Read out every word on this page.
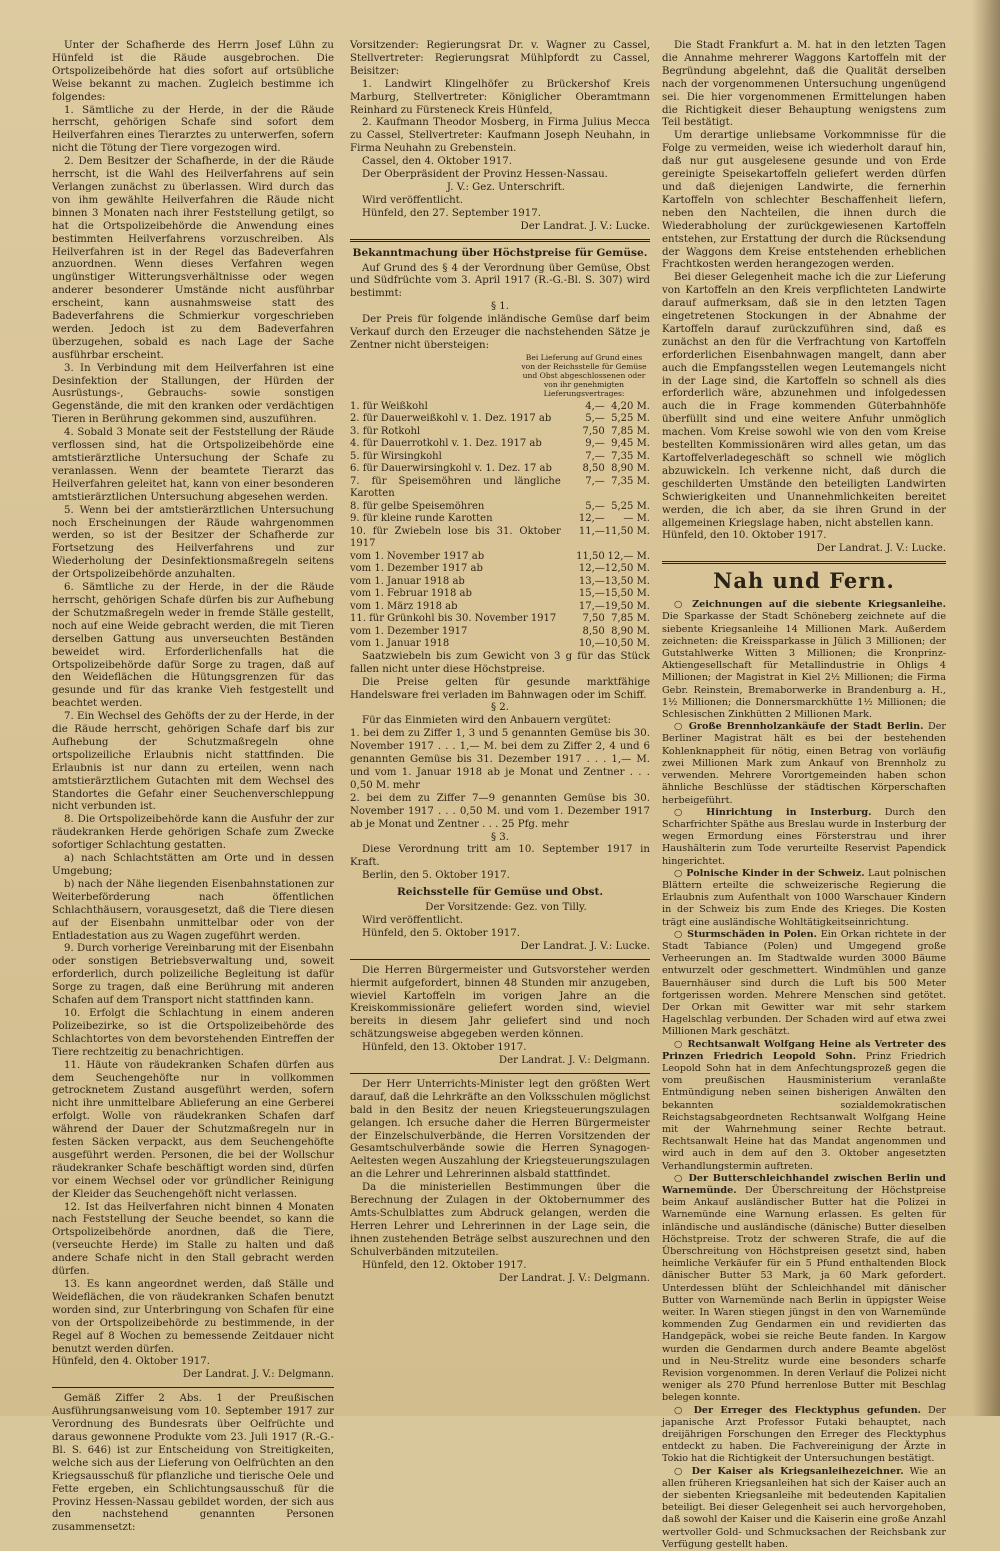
Unter der Schafherde des Herrn Josef Lühn zu Hünfeld ist die Räude ausgebrochen. Die Ortspolizeibehörde hat dies sofort auf ortsübliche Weise bekannt zu machen. Zugleich bestimme ich folgendes:

1. Sämtliche zu der Herde, in der die Räude herrscht, gehörigen Schafe sind sofort dem Heilverfahren eines Tierarztes zu unterwerfen, sofern nicht die Tötung der Tiere vorgezogen wird.

2. Dem Besitzer der Schafherde, in der die Räude herrscht, ist die Wahl des Heilverfahrens auf sein Verlangen zunächst zu überlassen. Wird durch das von ihm gewählte Heilverfahren die Räude nicht binnen 3 Monaten nach ihrer Feststellung getilgt, so hat die Ortspolizeibehörde die Anwendung eines bestimmten Heilverfahrens vorzuschreiben. Als Heilverfahren ist in der Regel das Badeverfahren anzuordnen. Wenn dieses Verfahren wegen ungünstiger Witterungsverhältnisse oder wegen anderer besonderer Umstände nicht ausführbar erscheint, kann ausnahmsweise statt des Badeverfahrens die Schmierkur vorgeschrieben werden. Jedoch ist zu dem Badeverfahren überzugehen, sobald es nach Lage der Sache ausführbar erscheint.

3. In Verbindung mit dem Heilverfahren ist eine Desinfektion der Stallungen, der Hürden der Ausrüstungs-, Gebrauchs- sowie sonstigen Gegenstände, die mit den kranken oder verdächtigen Tieren in Berührung gekommen sind, auszuführen.

4. Sobald 3 Monate seit der Feststellung der Räude verflossen sind, hat die Ortspolizeibehörde eine amtstierärztliche Untersuchung der Schafe zu veranlassen. Wenn der beamtete Tierarzt das Heilverfahren geleitet hat, kann von einer besonderen amtstierärztlichen Untersuchung abgesehen werden.

5. Wenn bei der amtstierärztlichen Untersuchung noch Erscheinungen der Räude wahrgenommen werden, so ist der Besitzer der Schafherde zur Fortsetzung des Heilverfahrens und zur Wiederholung der Desinfektionsmaßregeln seitens der Ortspolizeibehörde anzuhalten.

6. Sämtliche zu der Herde, in der die Räude herrscht, gehörigen Schafe dürfen bis zur Aufhebung der Schutzmaßregeln weder in fremde Ställe gestellt, noch auf eine Weide gebracht werden, die mit Tieren derselben Gattung aus unverseuchten Beständen beweidet wird. Erforderlichenfalls hat die Ortspolizeibehörde dafür Sorge zu tragen, daß auf den Weideflächen die Hütungsgrenzen für das gesunde und für das kranke Vieh festgestellt und beachtet werden.

7. Ein Wechsel des Gehöfts der zu der Herde, in der die Räude herrscht, gehörigen Schafe darf bis zur Aufhebung der Schutzmaßregeln ohne ortspolizeiliche Erlaubnis nicht stattfinden. Die Erlaubnis ist nur dann zu erteilen, wenn nach amtstierärztlichem Gutachten mit dem Wechsel des Standortes die Gefahr einer Seuchenverschleppung nicht verbunden ist.

8. Die Ortspolizeibehörde kann die Ausfuhr der zur räudekranken Herde gehörigen Schafe zum Zwecke sofortiger Schlachtung gestatten.

a) nach Schlachtstätten am Orte und in dessen Umgebung;

b) nach der Nähe liegenden Eisenbahnstationen zur Weiterbeförderung nach öffentlichen Schlachthäusern, vorausgesetzt, daß die Tiere diesen auf der Eisenbahn unmittelbar oder von der Entladestation aus zu Wagen zugeführt werden.

9. Durch vorherige Vereinbarung mit der Eisenbahn oder sonstigen Betriebsverwaltung und, soweit erforderlich, durch polizeiliche Begleitung ist dafür Sorge zu tragen, daß eine Berührung mit anderen Schafen auf dem Transport nicht stattfinden kann.

10. Erfolgt die Schlachtung in einem anderen Polizeibezirke, so ist die Ortspolizeibehörde des Schlachtortes von dem bevorstehenden Eintreffen der Tiere rechtzeitig zu benachrichtigen.

11. Häute von räudekranken Schafen dürfen aus dem Seuchengehöfte nur in vollkommen getrocknetem Zustand ausgeführt werden, sofern nicht ihre unmittelbare Ablieferung an eine Gerberei erfolgt. Wolle von räudekranken Schafen darf während der Dauer der Schutzmaßregeln nur in festen Säcken verpackt, aus dem Seuchengehöfte ausgeführt werden. Personen, die bei der Wollschur räudekranker Schafe beschäftigt worden sind, dürfen vor einem Wechsel oder vor gründlicher Reinigung der Kleider das Seuchengehöft nicht verlassen.

12. Ist das Heilverfahren nicht binnen 4 Monaten nach Feststellung der Seuche beendet, so kann die Ortspolizeibehörde anordnen, daß die Tiere, (verseuchte Herde) im Stalle zu halten und daß andere Schafe nicht in den Stall gebracht werden dürfen.

13. Es kann angeordnet werden, daß Ställe und Weideflächen, die von räudekranken Schafen benutzt worden sind, zur Unterbringung von Schafen für eine von der Ortspolizeibehörde zu bestimmende, in der Regel auf 8 Wochen zu bemessende Zeitdauer nicht benutzt werden dürfen.

Hünfeld, den 4. Oktober 1917.

Der Landrat. J. V.: Delgmann.

Gemäß Ziffer 2 Abs. 1 der Preußischen Ausführungsanweisung vom 10. September 1917 zur Verordnung des Bundesrats über Oelfrüchte und daraus gewonnene Produkte vom 23. Juli 1917 (R.-G.-Bl. S. 646) ist zur Entscheidung von Streitigkeiten, welche sich aus der Lieferung von Oelfrüchten an den Kriegsausschuß für pflanzliche und tierische Oele und Fette ergeben, ein Schlichtungsausschuß für die Provinz Hessen-Nassau gebildet worden, der sich aus den nachstehend genannten Personen zusammensetzt:

Vorsitzender: Regierungsrat Dr. v. Wagner zu Cassel, Stellvertreter: Regierungsrat Mühlpfordt zu Cassel, Beisitzer:

1. Landwirt Klingelhöfer zu Brückershof Kreis Marburg, Stellvertreter: Königlicher Oberamtmann Reinhard zu Fürsteneck Kreis Hünfeld,

2. Kaufmann Theodor Mosberg, in Firma Julius Mecca zu Cassel, Stellvertreter: Kaufmann Joseph Neuhahn, in Firma Neuhahn zu Grebenstein.

Cassel, den 4. Oktober 1917.

Der Oberpräsident der Provinz Hessen-Nassau.

J. V.: Gez. Unterschrift.

Wird veröffentlicht.

Hünfeld, den 27. September 1917.

Der Landrat. J. V.: Lucke.

Bekanntmachung über Höchstpreise für Gemüse.

Auf Grund des § 4 der Verordnung über Gemüse, Obst und Südfrüchte vom 3. April 1917 (R.-G.-Bl. S. 307) wird bestimmt:

§ 1.

Der Preis für folgende inländische Gemüse darf beim Verkauf durch den Erzeuger die nachstehenden Sätze je Zentner nicht übersteigen:

Bei Lieferung auf Grund eines von der Reichsstelle für Gemüse und Obst abgeschlossenen oder von ihr genehmigten Lieferungsvertrages:
1. für Weißkohl	4,—	4,20 M.
2. für Dauerweißkohl v. 1. Dez. 1917 ab	5,—	5,25 M.
3. für Rotkohl	7,50	7,85 M.
4. für Dauerrotkohl v. 1. Dez. 1917 ab	9,—	9,45 M.
5. für Wirsingkohl	7,—	7,35 M.
6. für Dauerwirsingkohl v. 1. Dez. 17 ab	8,50	8,90 M.
7. für Speisemöhren und längliche Karotten	7,—	7,35 M.
8. für gelbe Speisemöhren	5,—	5,25 M.
9. für kleine runde Karotten	12,—	— M.
10. für Zwiebeln lose bis 31. Oktober 1917	11,—	11,50 M.
vom 1. November 1917 ab	11,50	12,— M.
vom 1. Dezember 1917 ab	12,—	12,50 M.
vom 1. Januar 1918 ab	13,—	13,50 M.
vom 1. Februar 1918 ab	15,—	15,50 M.
vom 1. März 1918 ab	17,—	19,50 M.
11. für Grünkohl bis 30. November 1917	7,50	7,85 M.
vom 1. Dezember 1917	8,50	8,90 M.
vom 1. Januar 1918	10,—	10,50 M.

Saatzwiebeln bis zum Gewicht von 3 g für das Stück fallen nicht unter diese Höchstpreise.

Die Preise gelten für gesunde marktfähige Handelsware frei verladen im Bahnwagen oder im Schiff.

§ 2.

Für das Einmieten wird den Anbauern vergütet:

1. bei dem zu Ziffer 1, 3 und 5 genannten Gemüse bis 30. November 1917 . . . 1,— M. bei dem zu Ziffer 2, 4 und 6 genannten Gemüse bis 31. Dezember 1917 . . . 1,— M. und vom 1. Januar 1918 ab je Monat und Zentner . . . 0,50 M. mehr

2. bei dem zu Ziffer 7—9 genannten Gemüse bis 30. November 1917 . . . 0,50 M. und vom 1. Dezember 1917 ab je Monat und Zentner . . . 25 Pfg. mehr

§ 3.

Diese Verordnung tritt am 10. September 1917 in Kraft.

Berlin, den 5. Oktober 1917.

Reichsstelle für Gemüse und Obst.

Der Vorsitzende: Gez. von Tilly.

Wird veröffentlicht.

Hünfeld, den 5. Oktober 1917.

Der Landrat. J. V.: Lucke.

Die Herren Bürgermeister und Gutsvorsteher werden hiermit aufgefordert, binnen 48 Stunden mir anzugeben, wieviel Kartoffeln im vorigen Jahre an die Kreiskommissionäre geliefert worden sind, wieviel bereits in diesem Jahr geliefert sind und noch schätzungsweise abgegeben werden können.

Hünfeld, den 13. Oktober 1917.

Der Landrat. J. V.: Delgmann.

Der Herr Unterrichts-Minister legt den größten Wert darauf, daß die Lehrkräfte an den Volksschulen möglichst bald in den Besitz der neuen Kriegsteuerungszulagen gelangen. Ich ersuche daher die Herren Bürgermeister der Einzelschulverbände, die Herren Vorsitzenden der Gesamtschulverbände sowie die Herren Synagogen-Aeltesten wegen Auszahlung der Kriegsteuerungszulagen an die Lehrer und Lehrerinnen alsbald stattfindet.

Da die ministeriellen Bestimmungen über die Berechnung der Zulagen in der Oktobernummer des Amts-Schulblattes zum Abdruck gelangen, werden die Herren Lehrer und Lehrerinnen in der Lage sein, die ihnen zustehenden Beträge selbst auszurechnen und den Schulverbänden mitzuteilen.

Hünfeld, den 12. Oktober 1917.

Der Landrat. J. V.: Delgmann.

Die Stadt Frankfurt a. M. hat in den letzten Tagen die Annahme mehrerer Waggons Kartoffeln mit der Begründung abgelehnt, daß die Qualität derselben nach der vorgenommenen Untersuchung ungenügend sei. Die hier vorgenommenen Ermittelungen haben die Richtigkeit dieser Behauptung wenigstens zum Teil bestätigt.

Um derartige unliebsame Vorkommnisse für die Folge zu vermeiden, weise ich wiederholt darauf hin, daß nur gut ausgelesene gesunde und von Erde gereinigte Speisekartoffeln geliefert werden dürfen und daß diejenigen Landwirte, die fernerhin Kartoffeln von schlechter Beschaffenheit liefern, neben den Nachteilen, die ihnen durch die Wiederabholung der zurückgewiesenen Kartoffeln entstehen, zur Erstattung der durch die Rücksendung der Waggons dem Kreise entstehenden erheblichen Frachtkosten werden herangezogen werden.

Bei dieser Gelegenheit mache ich die zur Lieferung von Kartoffeln an den Kreis verpflichteten Landwirte darauf aufmerksam, daß sie in den letzten Tagen eingetretenen Stockungen in der Abnahme der Kartoffeln darauf zurückzuführen sind, daß es zunächst an den für die Verfrachtung von Kartoffeln erforderlichen Eisenbahnwagen mangelt, dann aber auch die Empfangsstellen wegen Leutemangels nicht in der Lage sind, die Kartoffeln so schnell als dies erforderlich wäre, abzunehmen und infolgedessen auch die in Frage kommenden Güterbahnhöfe überfüllt sind und eine weitere Anfuhr unmöglich machen. Vom Kreise sowohl wie von den vom Kreise bestellten Kommissionären wird alles getan, um das Kartoffelverladegeschäft so schnell wie möglich abzuwickeln. Ich verkenne nicht, daß durch die geschilderten Umstände den beteiligten Landwirten Schwierigkeiten und Unannehmlichkeiten bereitet werden, die ich aber, da sie ihren Grund in der allgemeinen Kriegslage haben, nicht abstellen kann.

Hünfeld, den 10. Oktober 1917.

Der Landrat. J. V.: Lucke.

Nah und Fern.

○ Zeichnungen auf die siebente Kriegsanleihe. Die Sparkasse der Stadt Schöneberg zeichnete auf die siebente Kriegsanleihe 14 Millionen Mark. Außerdem zeichneten: die Kreissparkasse in Jülich 3 Millionen; der Gutstahlwerke Witten 3 Millionen; die Kronprinz-Aktiengesellschaft für Metallindustrie in Ohligs 4 Millionen; der Magistrat in Kiel 2½ Millionen; die Firma Gebr. Reinstein, Bremaborwerke in Brandenburg a. H., 1½ Millionen; die Donnersmarckhütte 1½ Millionen; die Schlesischen Zinkhütten 2 Millionen Mark.

○ Große Brennholzankäufe der Stadt Berlin. Der Berliner Magistrat hält es bei der bestehenden Kohlenknappheit für nötig, einen Betrag von vorläufig zwei Millionen Mark zum Ankauf von Brennholz zu verwenden. Mehrere Vorortgemeinden haben schon ähnliche Beschlüsse der städtischen Körperschaften herbeigeführt.

○ Hinrichtung in Insterburg. Durch den Scharfrichter Späthe aus Breslau wurde in Insterburg der wegen Ermordung eines Försterstrau und ihrer Haushälterin zum Tode verurteilte Reservist Papendick hingerichtet.

○ Polnische Kinder in der Schweiz. Laut polnischen Blättern erteilte die schweizerische Regierung die Erlaubnis zum Aufenthalt von 1000 Warschauer Kindern in der Schweiz bis zum Ende des Krieges. Die Kosten trägt eine ausländische Wohltätigkeitseinrichtung.

○ Sturmschäden in Polen. Ein Orkan richtete in der Stadt Tabiance (Polen) und Umgegend große Verheerungen an. Im Stadtwalde wurden 3000 Bäume entwurzelt oder geschmettert. Windmühlen und ganze Bauernhäuser sind durch die Luft bis 500 Meter fortgerissen worden. Mehrere Menschen sind getötet. Der Orkan mit Gewitter war mit sehr starkem Hagelschlag verbunden. Der Schaden wird auf etwa zwei Millionen Mark geschätzt.

○ Rechtsanwalt Wolfgang Heine als Vertreter des Prinzen Friedrich Leopold Sohn. Prinz Friedrich Leopold Sohn hat in dem Anfechtungsprozeß gegen die vom preußischen Hausministerium veranlaßte Entmündigung neben seinen bisherigen Anwälten den bekannten sozialdemokratischen Reichstagsabgeordneten Rechtsanwalt Wolfgang Heine mit der Wahrnehmung seiner Rechte betraut. Rechtsanwalt Heine hat das Mandat angenommen und wird auch in dem auf den 3. Oktober angesetzten Verhandlungstermin auftreten.

○ Der Butterschleichhandel zwischen Berlin und Warnemünde. Der Überschreitung der Höchstpreise beim Ankauf ausländischer Butter hat die Polizei in Warnemünde eine Warnung erlassen. Es gelten für inländische und ausländische (dänische) Butter dieselben Höchstpreise. Trotz der schweren Strafe, die auf die Überschreitung von Höchstpreisen gesetzt sind, haben heimliche Verkäufer für ein 5 Pfund enthaltenden Block dänischer Butter 53 Mark, ja 60 Mark gefordert. Unterdessen blüht der Schleichhandel mit dänischer Butter von Warnemünde nach Berlin in üppigster Weise weiter. In Waren stiegen jüngst in den von Warnemünde kommenden Zug Gendarmen ein und revidierten das Handgepäck, wobei sie reiche Beute fanden. In Kargow wurden die Gendarmen durch andere Beamte abgelöst und in Neu-Strelitz wurde eine besonders scharfe Revision vorgenommen. In deren Verlauf die Polizei nicht weniger als 270 Pfund herrenlose Butter mit Beschlag belegen konnte.

○ Der Erreger des Flecktyphus gefunden. Der japanische Arzt Professor Futaki behauptet, nach dreijährigen Forschungen den Erreger des Flecktyphus entdeckt zu haben. Die Fachvereinigung der Ärzte in Tokio hat die Richtigkeit der Untersuchungen bestätigt.

○ Der Kaiser als Kriegsanleihezeichner. Wie an allen früheren Kriegsanleihen hat sich der Kaiser auch an der siebenten Kriegsanleihe mit bedeutenden Kapitalien beteiligt. Bei dieser Gelegenheit sei auch hervorgehoben, daß sowohl der Kaiser und die Kaiserin eine große Anzahl wertvoller Gold- und Schmucksachen der Reichsbank zur Verfügung gestellt haben.
